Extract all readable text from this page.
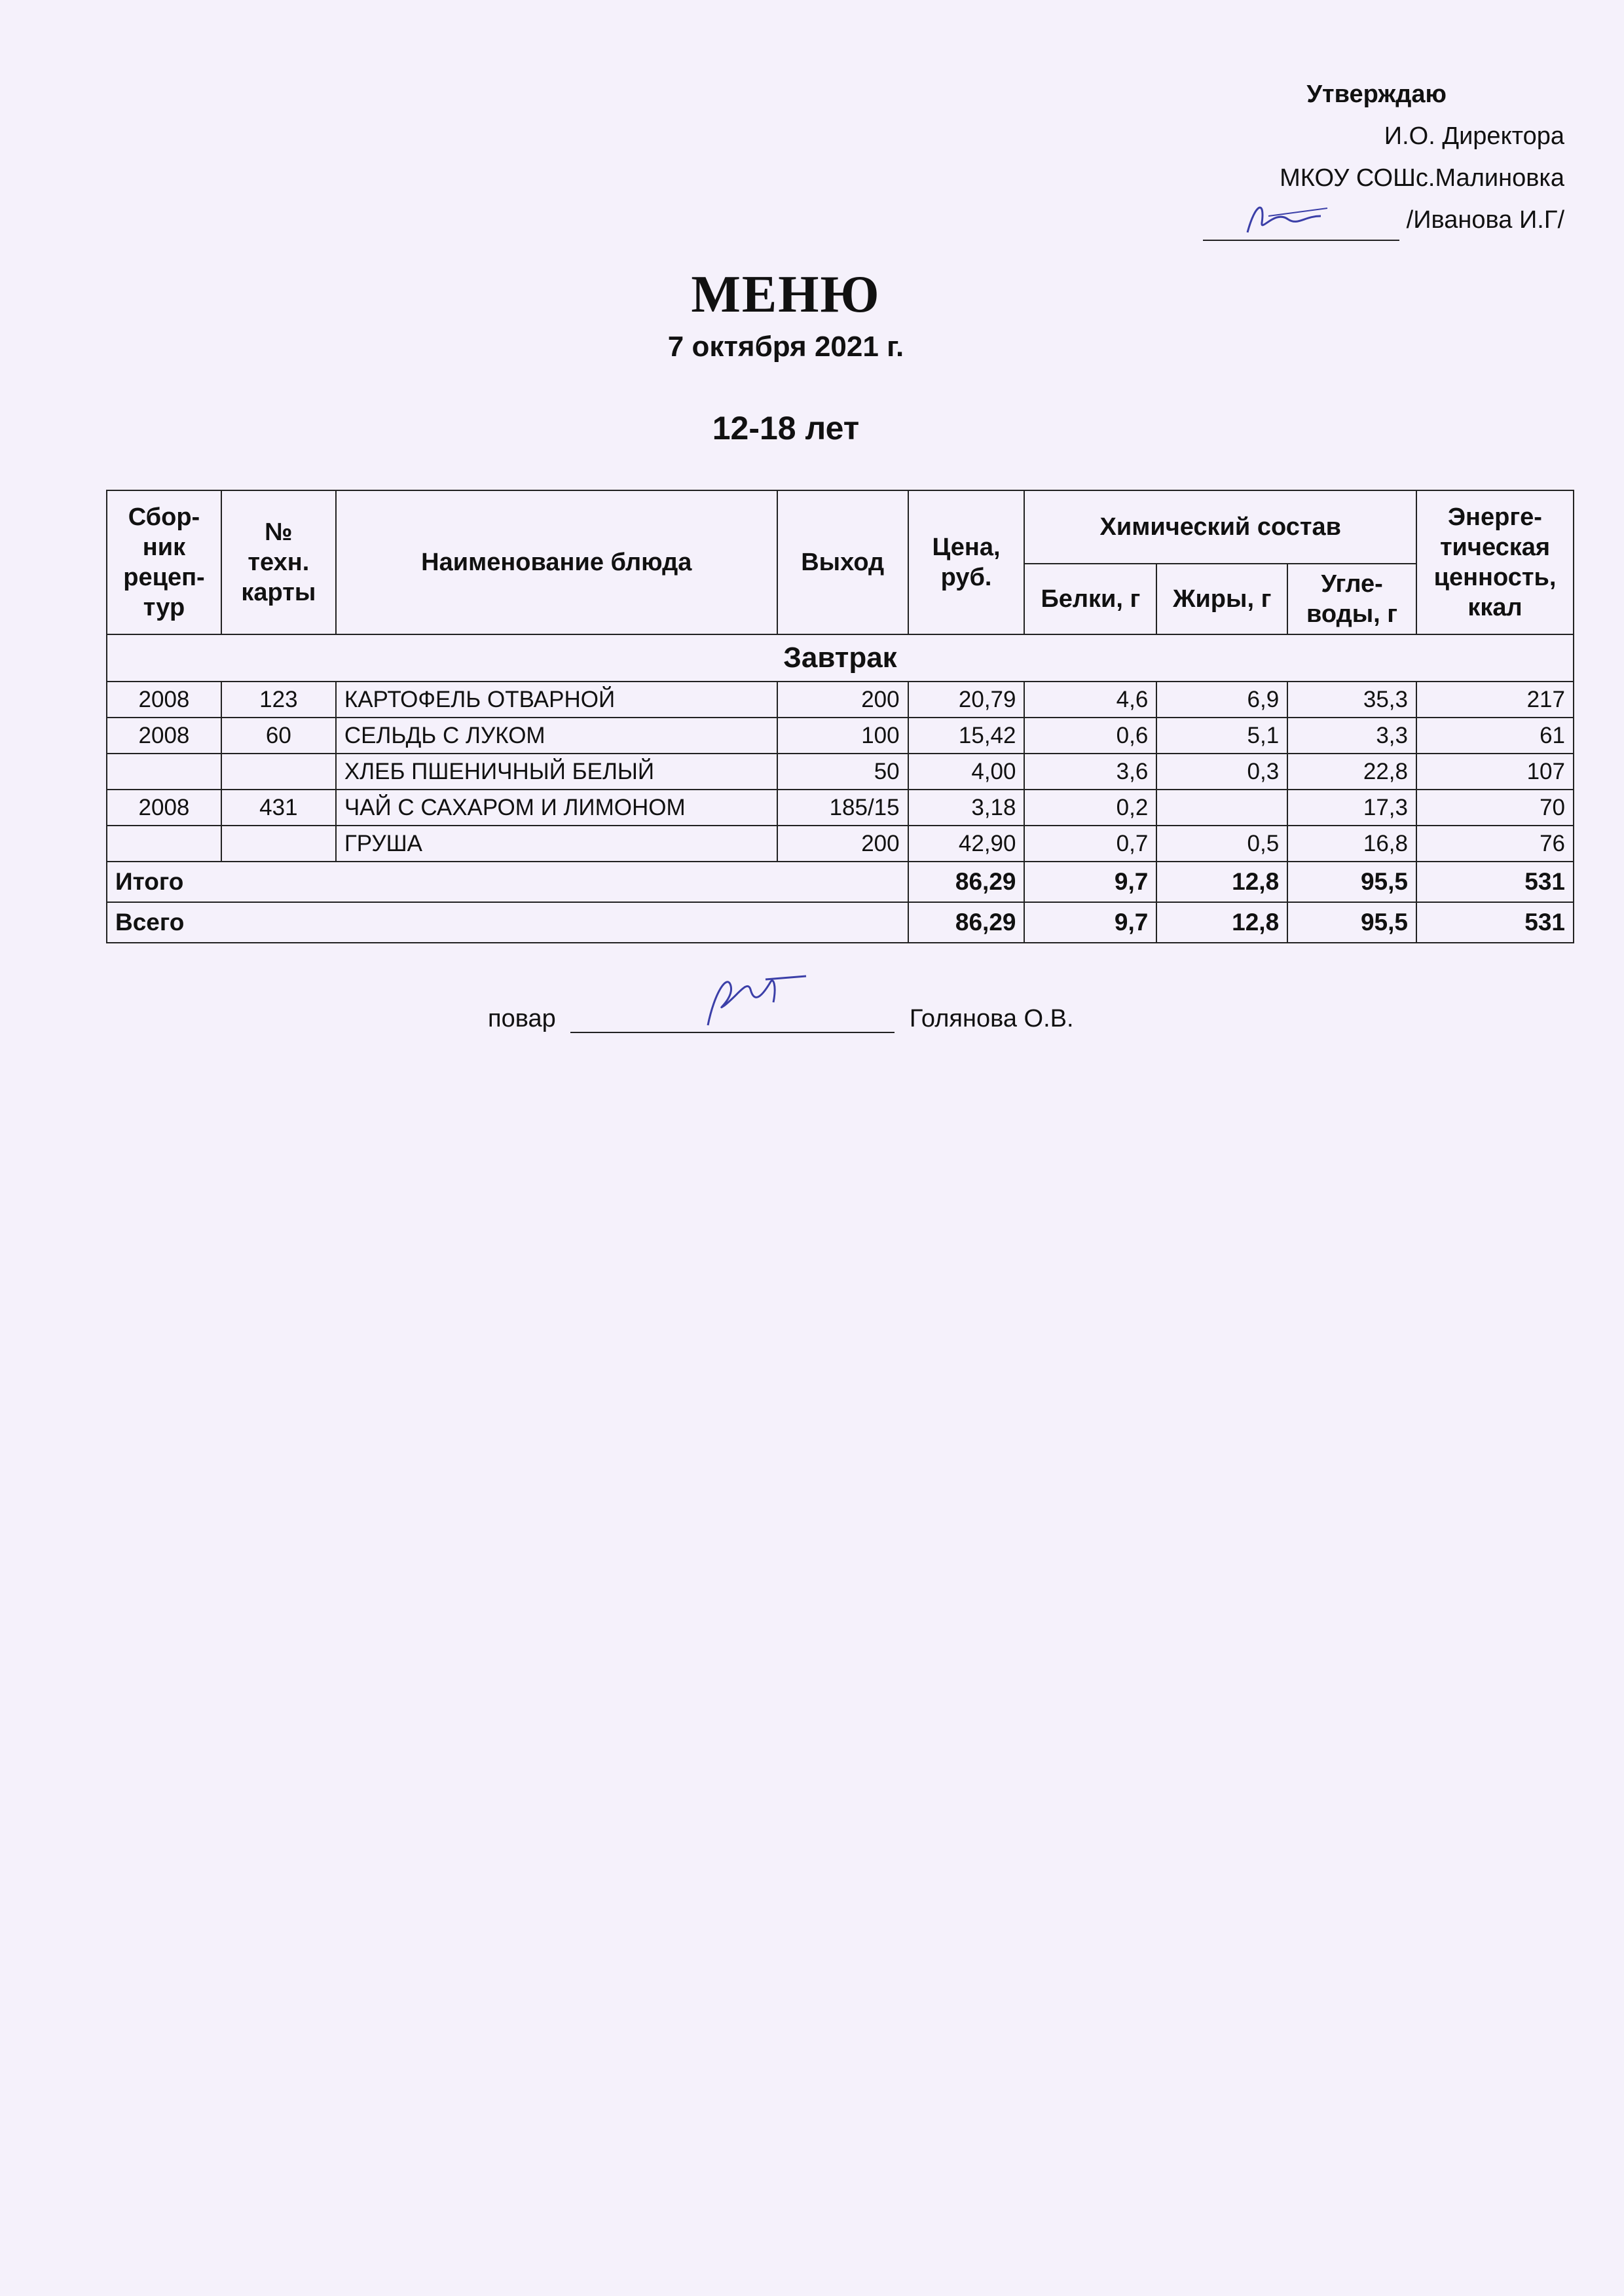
Утверждаю
И.О. Директора
МКОУ СОШс.Малиновка
/Иванова И.Г/
МЕНЮ
7 октября 2021 г.
12-18 лет
Сбор-
ник
рецеп-
тур	№
техн.
карты	Наименование блюда	Выход	Цена,
руб.	Химический состав			Энерге-
тическая
ценность,
ккал
					Белки, г	Жиры, г	Угле-
воды, г	
Завтрак								
2008	123	КАРТОФЕЛЬ ОТВАРНОЙ	200	20,79	4,6	6,9	35,3	217
2008	60	СЕЛЬДЬ С ЛУКОМ	100	15,42	0,6	5,1	3,3	61
		ХЛЕБ ПШЕНИЧНЫЙ БЕЛЫЙ	50	4,00	3,6	0,3	22,8	107
2008	431	ЧАЙ С САХАРОМ И ЛИМОНОМ	185/15	3,18	0,2		17,3	70
		ГРУША	200	42,90	0,7	0,5	16,8	76
Итого				86,29	9,7	12,8	95,5	531
Всего				86,29	9,7	12,8	95,5	531
повар	Голянова О.В.
